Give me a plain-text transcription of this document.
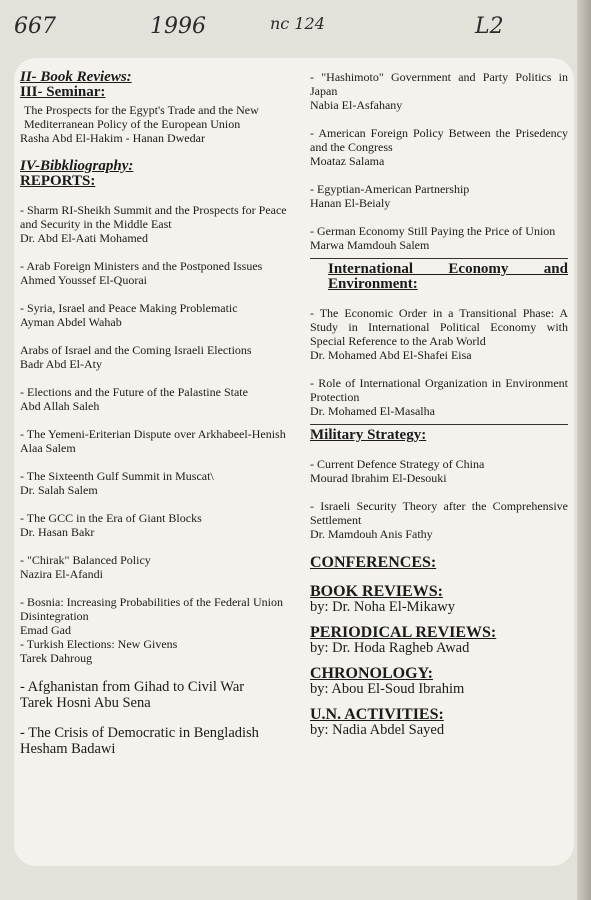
667	1996	nc 124	L2

II- Book Reviews:

III- Seminar:

The Prospects for the Egypt's Trade and the New Mediterranean Policy of the European Union

Rasha Abd El-Hakim - Hanan Dwedar

IV-Bibkliography:

REPORTS:

- Sharm RI-Sheikh Summit and the Prospects for Peace and Security in the Middle East

Dr. Abd El-Aati Mohamed

- Arab Foreign Ministers and the Postponed Issues

Ahmed Youssef El-Quorai

- Syria, Israel and Peace Making Problematic

Ayman Abdel Wahab

Arabs of Israel and the Coming Israeli Elections

Badr Abd El-Aty

- Elections and the Future of the Palastine State

Abd Allah Saleh

- The Yemeni-Eriterian Dispute over Arkhabeel-Henish

Alaa Salem

- The Sixteenth Gulf Summit in Muscat\

Dr. Salah Salem

- The GCC in the Era of Giant Blocks

Dr. Hasan Bakr

- "Chirak" Balanced Policy

Nazira El-Afandi

- Bosnia: Increasing Probabilities of the Federal Union Disintegration

Emad Gad

- Turkish Elections: New Givens

Tarek Dahroug

- Afghanistan from Gihad to Civil War

Tarek Hosni Abu Sena

- The Crisis of Democratic in Bengladish

Hesham Badawi

- "Hashimoto" Government and Party Politics in Japan

Nabia El-Asfahany

- American Foreign Policy Between the Prisedency and the Congress

Moataz Salama

- Egyptian-American Partnership

Hanan El-Beialy

- German Economy Still Paying the Price of Union

Marwa Mamdouh Salem

International Economy and Environment:

- The Economic Order in a Transitional Phase: A Study in International Political Economy with Special Reference to the Arab World

Dr. Mohamed Abd El-Shafei Eisa

- Role of International Organization in Environment Protection

Dr. Mohamed El-Masalha

Military Strategy:

- Current Defence Strategy of China

Mourad Ibrahim El-Desouki

- Israeli Security Theory after the Comprehensive Settlement

Dr. Mamdouh Anis Fathy

CONFERENCES:

BOOK REVIEWS:

by: Dr. Noha El-Mikawy

PERIODICAL REVIEWS:

by: Dr. Hoda Ragheb Awad

CHRONOLOGY:

by: Abou El-Soud Ibrahim

U.N. ACTIVITIES:

by: Nadia Abdel Sayed
